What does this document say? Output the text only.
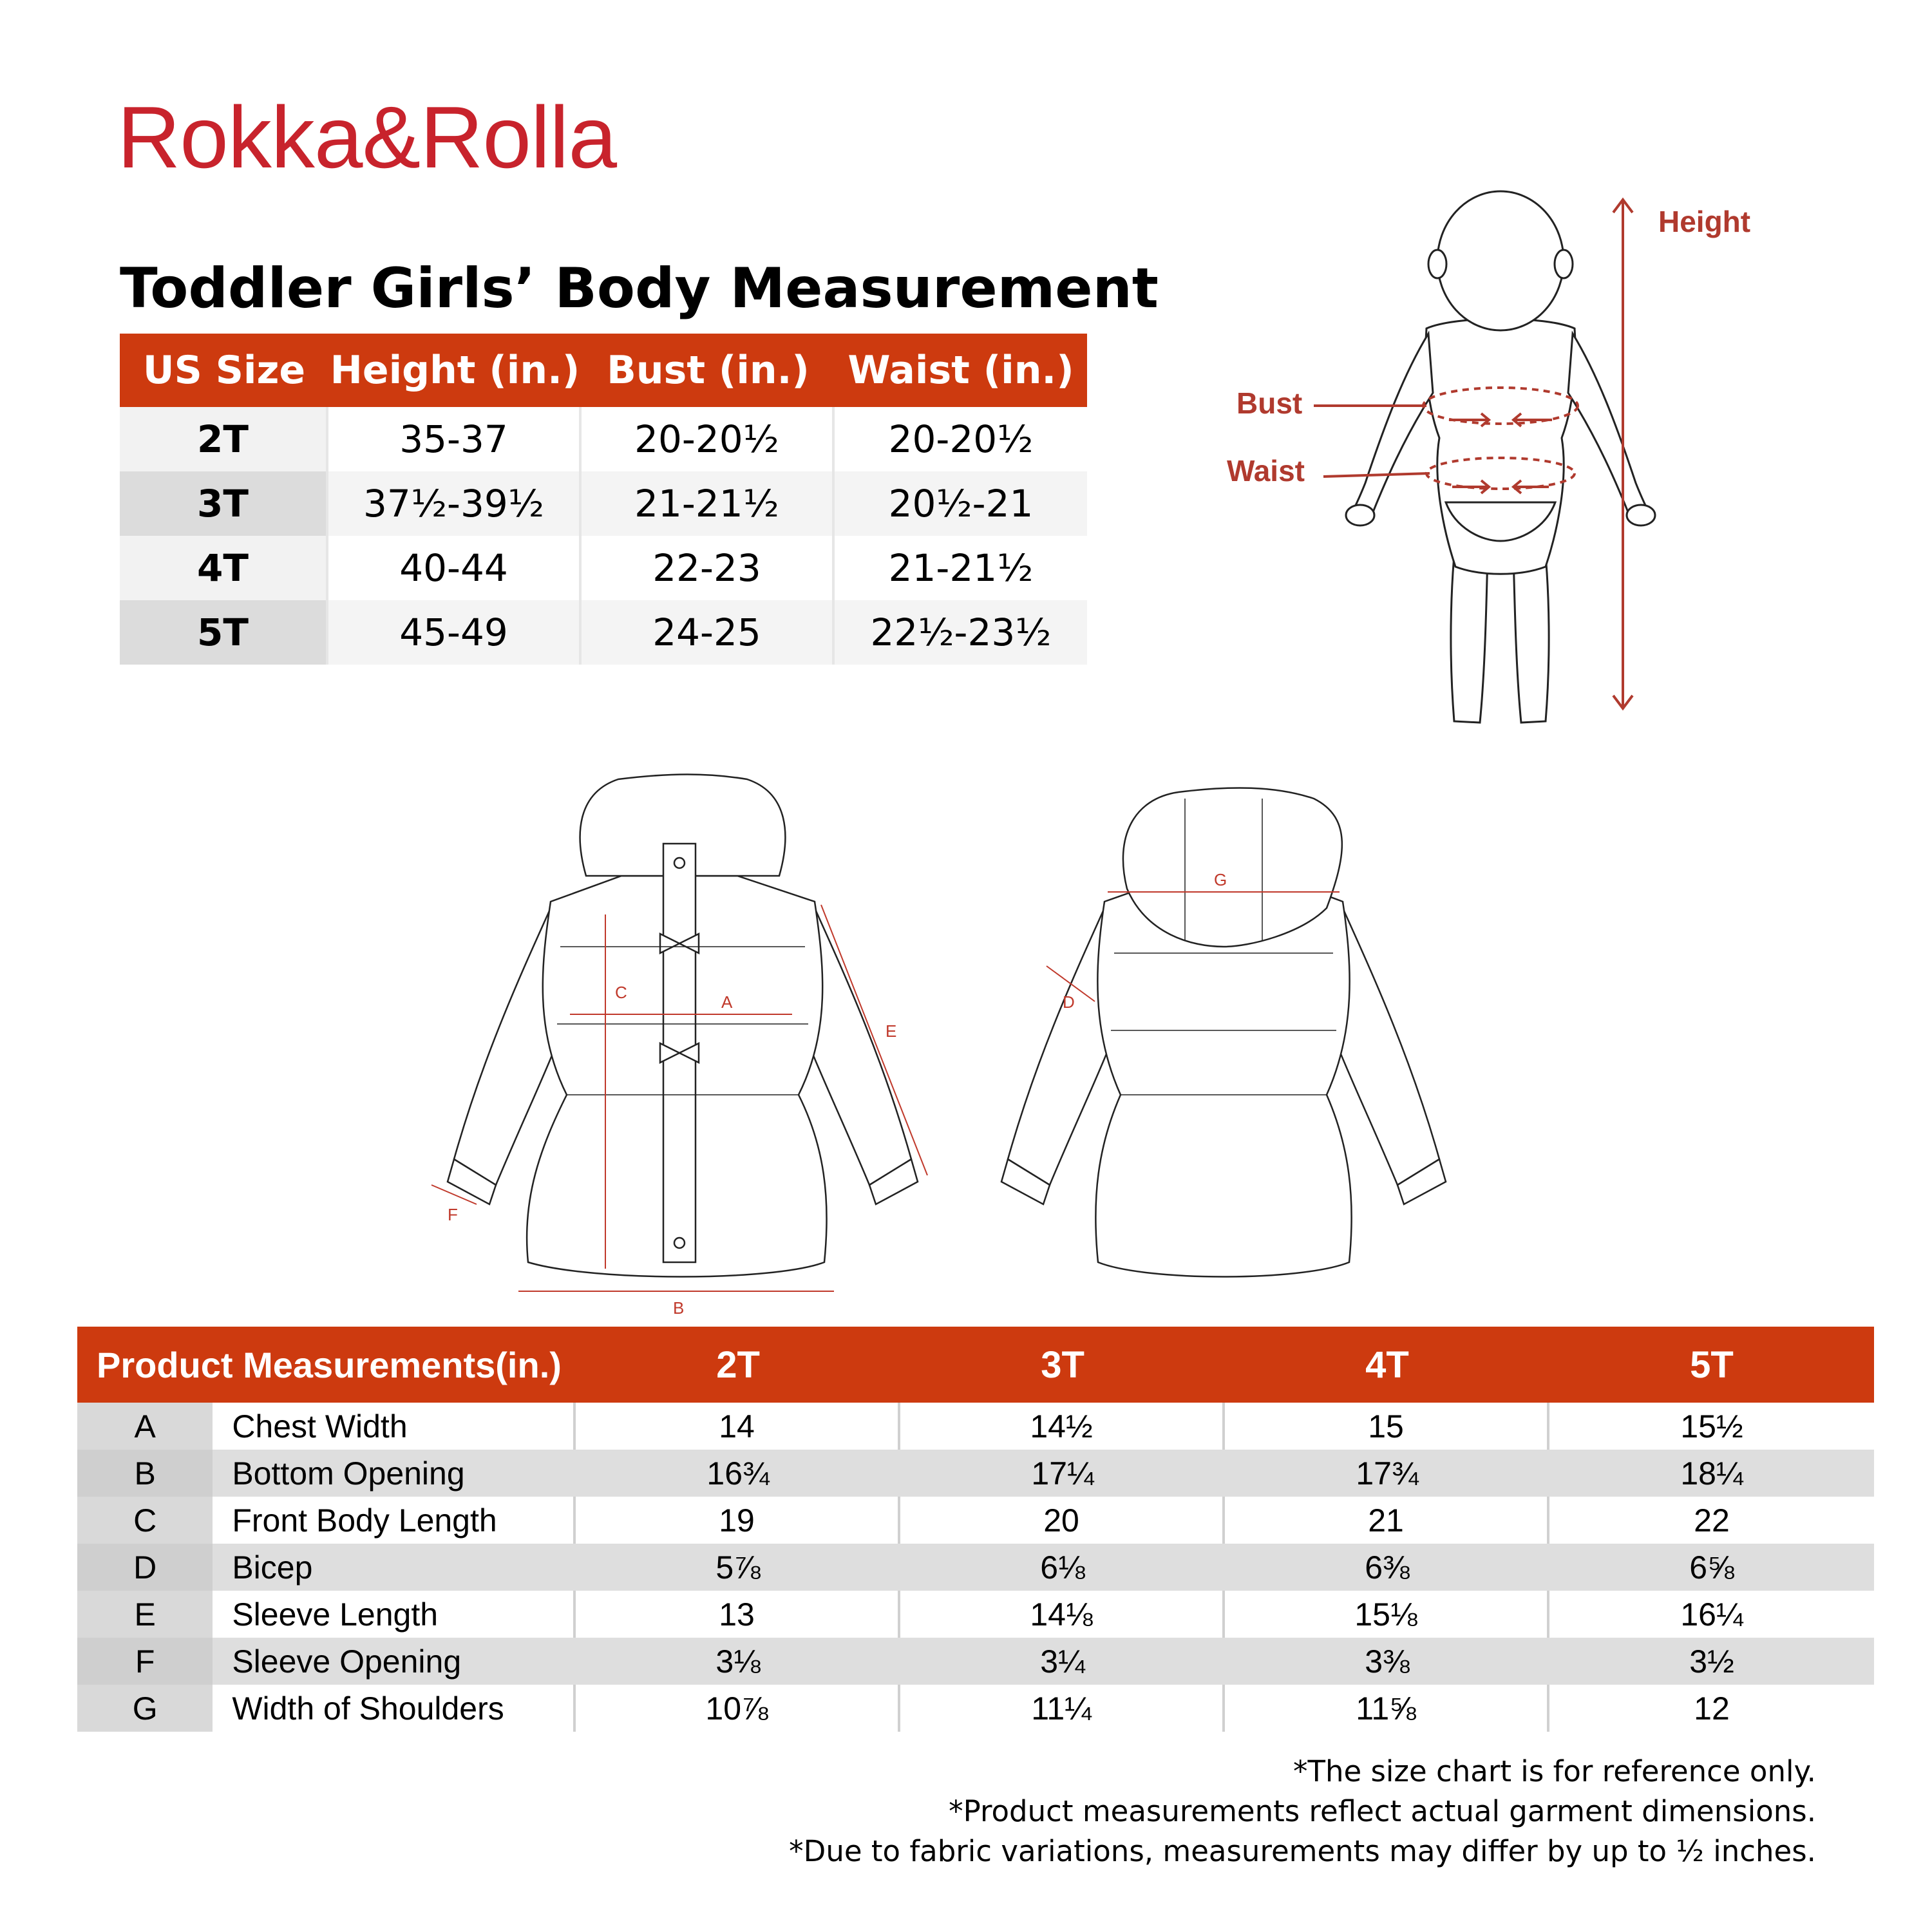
Rokka&Rolla
Toddler Girls’ Body Measurement
US Size Height (in.) Bust (in.) Waist (in.)
2T	35-37	20-20½	20-20½
3T	37½-39½	21-21½	20½-21
4T	40-44	22-23	21-21½
5T	45-49	24-25	22½-23½
Height
Bust
Waist
A
B
C	D
E
F
G
Product Measurements(in.)	2T	3T	4T	5T
A	Chest Width	14	14½	15	15½
B	Bottom Opening	16¾	17¼	17¾	18¼
C	Front Body Length	19	20	21	22
D	Bicep	5⅞	6⅛	6⅜	6⅝
E	Sleeve Length	13	14⅛	15⅛	16¼
F	Sleeve Opening	3⅛	3¼	3⅜	3½
G	Width of Shoulders	10⅞	11¼	11⅝	12
*The size chart is for reference only.
*Product measurements reflect actual garment dimensions.
*Due to fabric variations, measurements may differ by up to ½ inches.
